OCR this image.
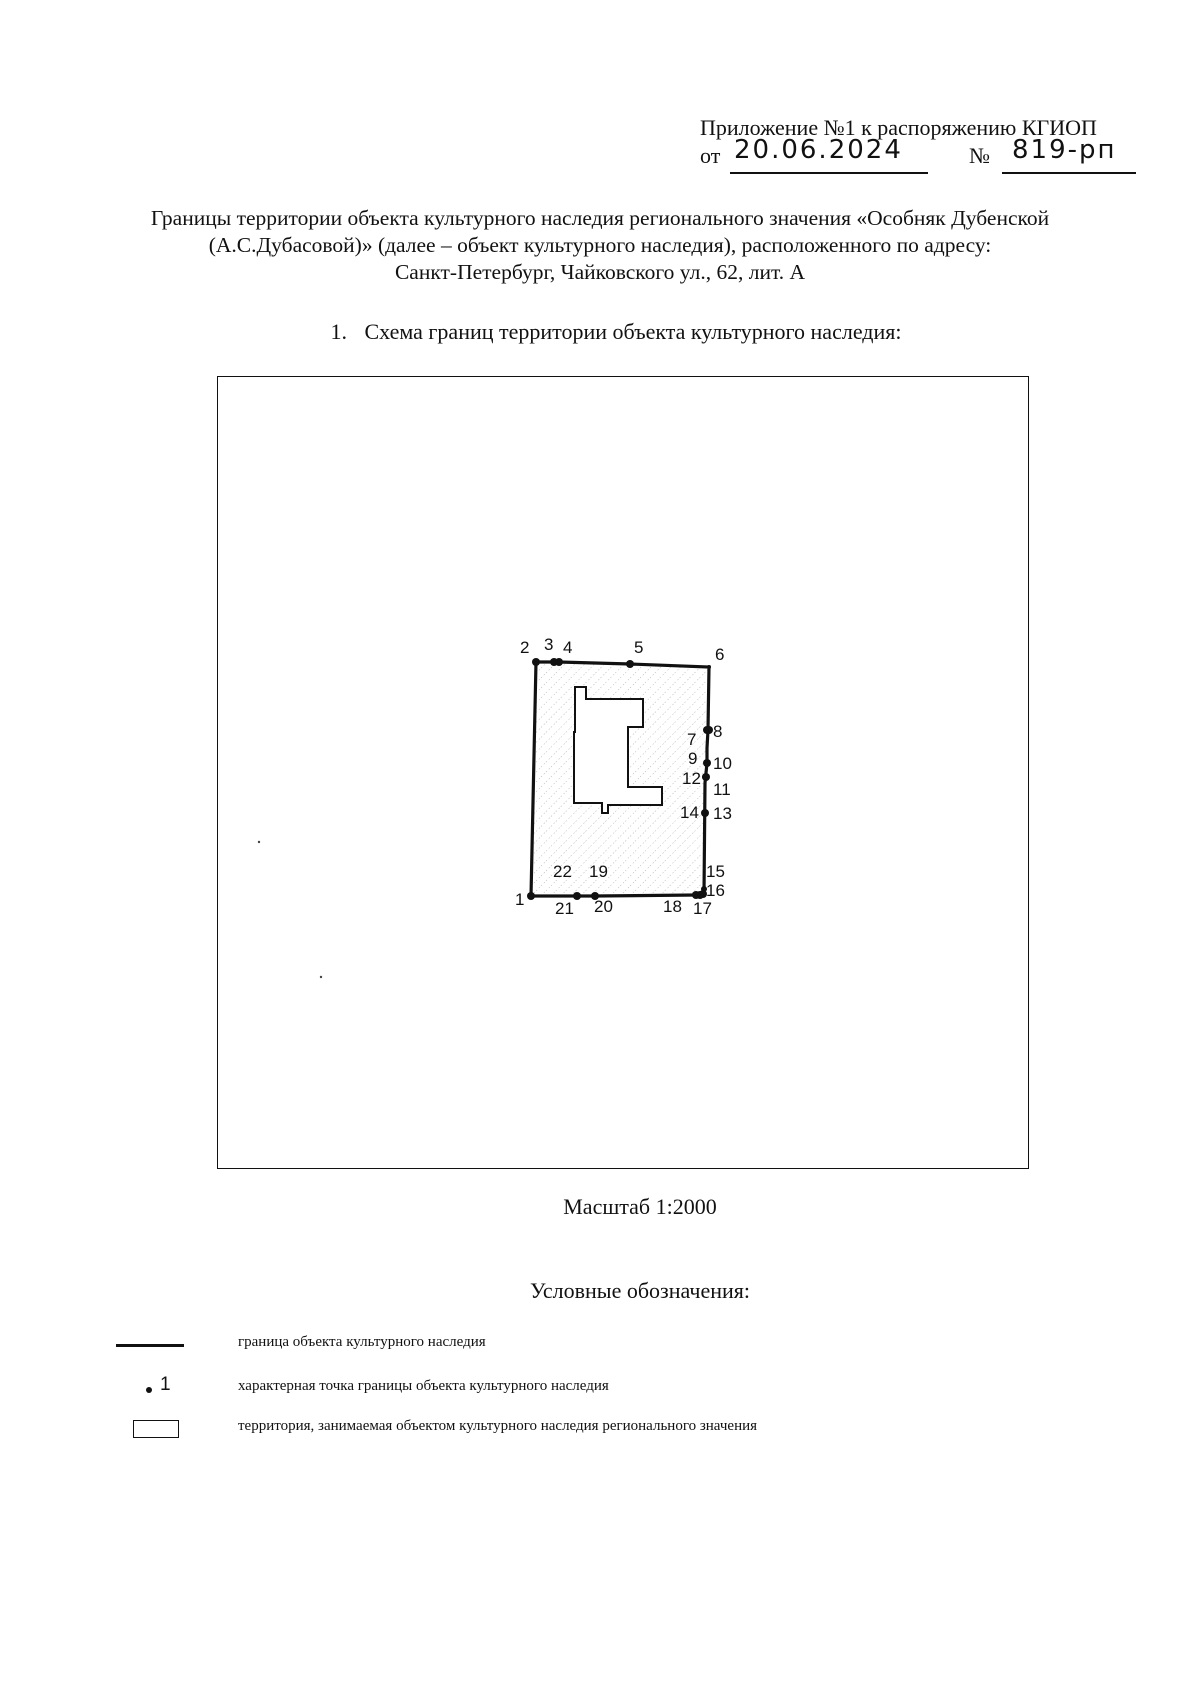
Приложение №1 к распоряжению КГИОП
от 20.06.2024	№ 819-рп
Границы территории объекта культурного наследия регионального значения «Особняк Дубенской
(А.С.Дубасовой)» (далее – объект культурного наследия), расположенного по адресу:
Санкт-Петербург, Чайковского ул., 62, лит. А
1. Схема границ территории объекта культурного наследия:
1
2 3 4	5	6
7 8
9 10
11
12
13
14
15
16
17
18
19
20
21
22
Масштаб 1:2000
Условные обозначения:
граница объекта культурного наследия
1	характерная точка границы объекта культурного наследия
территория, занимаемая объектом культурного наследия регионального значения
